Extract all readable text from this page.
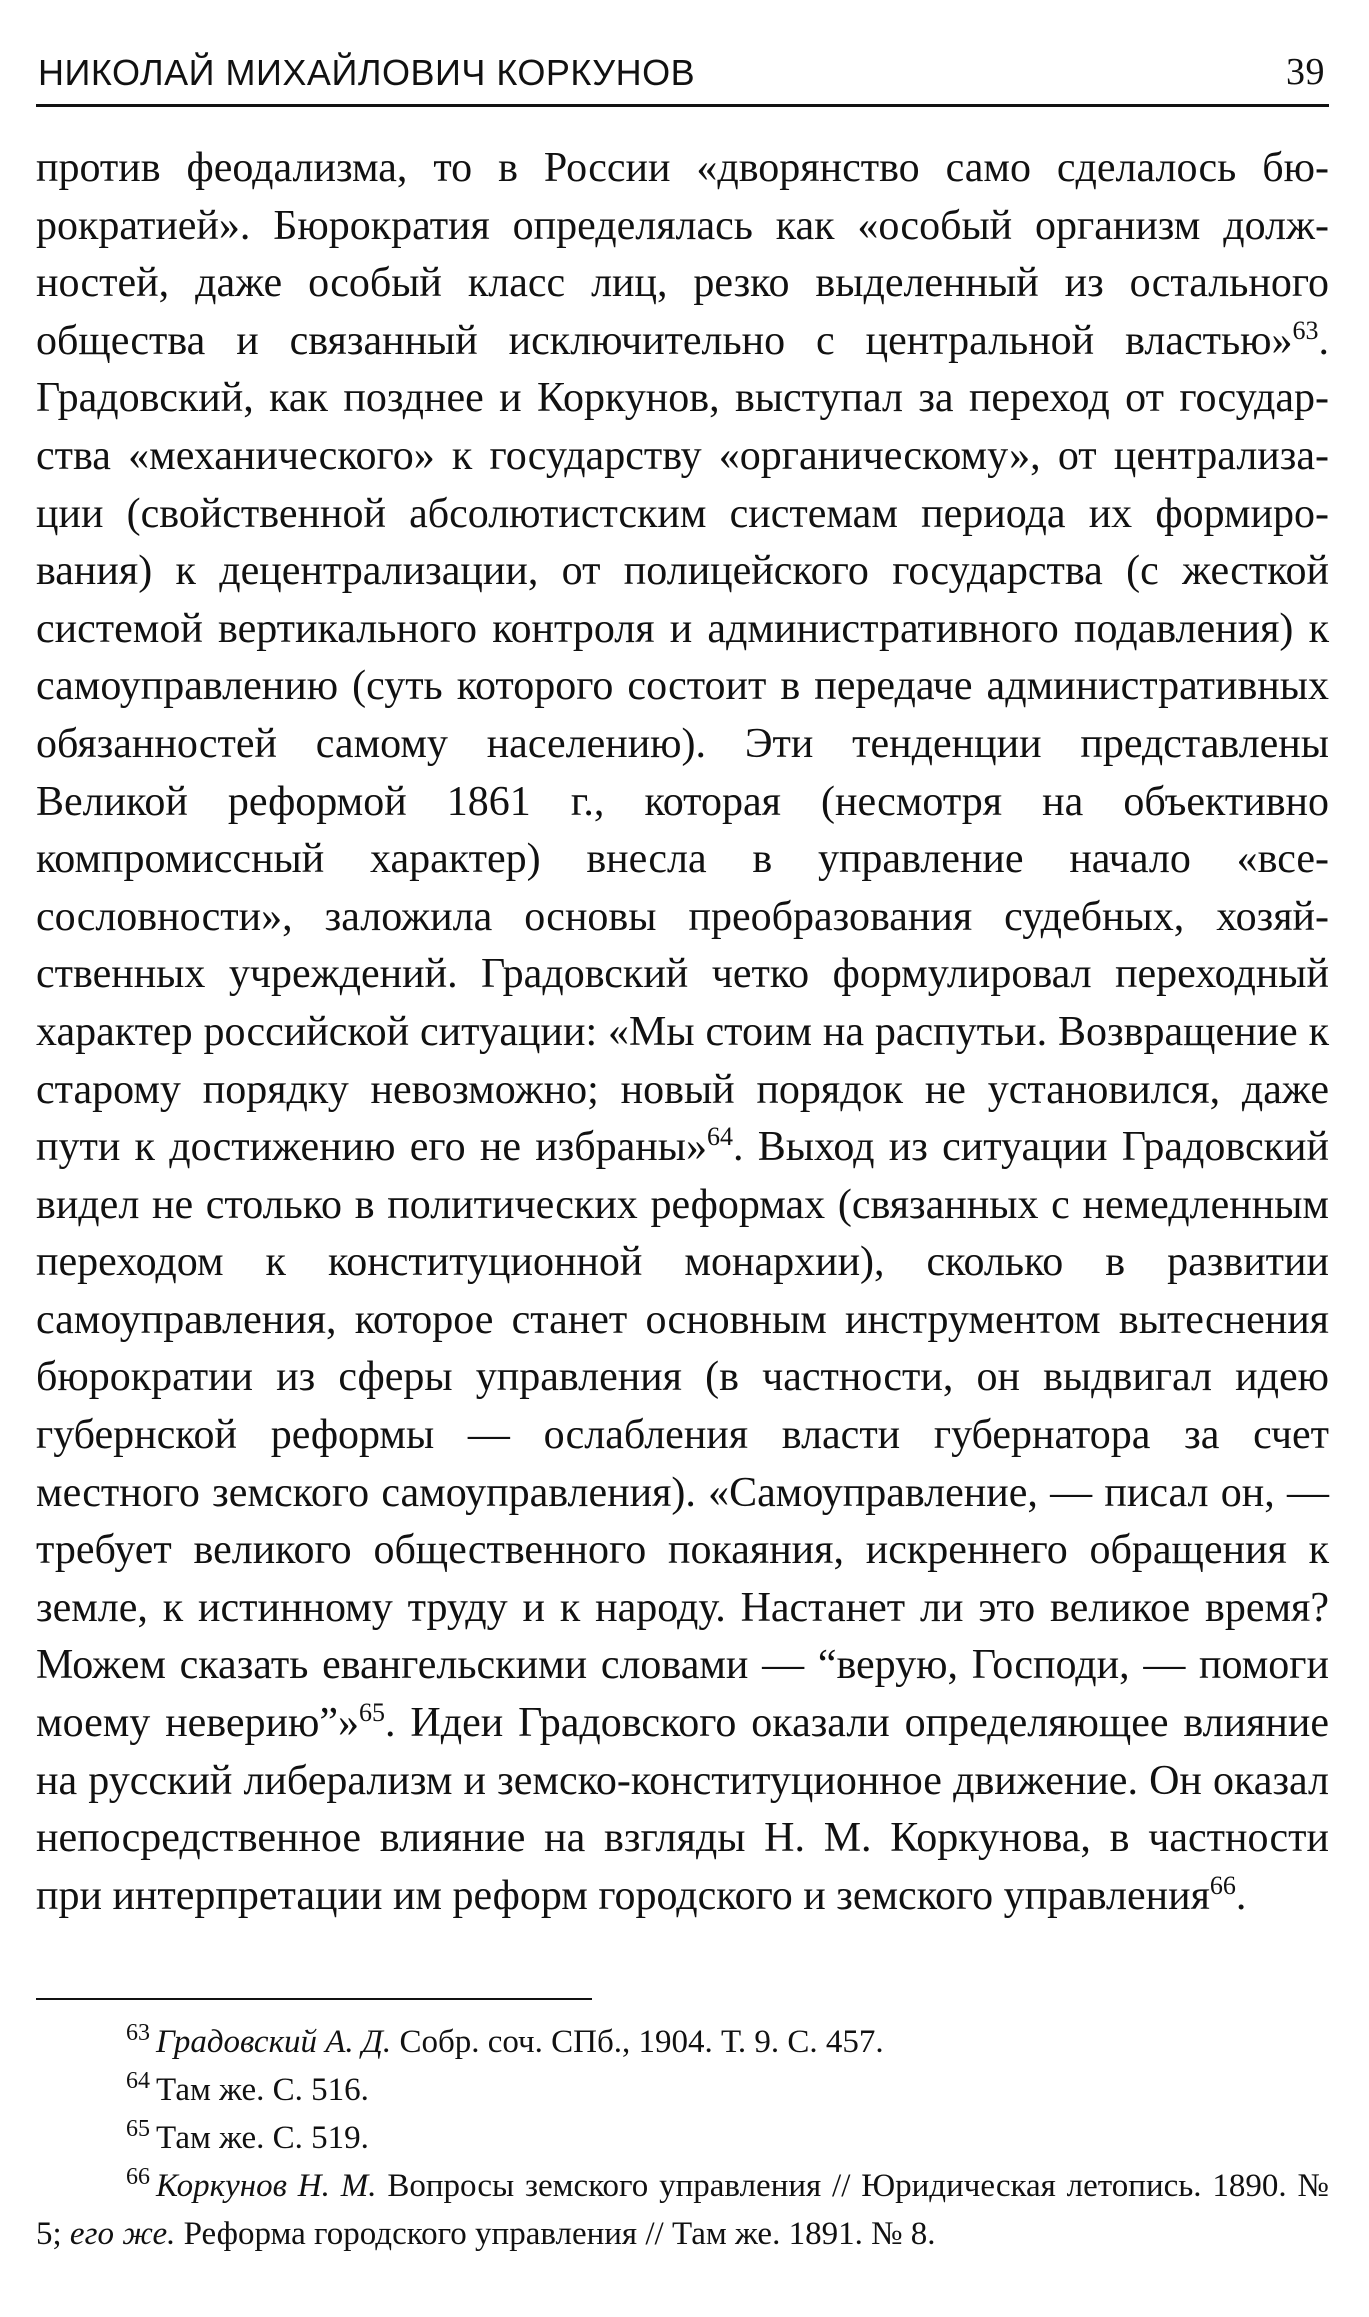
НИКОЛАЙ МИХАЙЛОВИЧ КОРКУНОВ	39

против феодализма, то в России «дворянство само сделалось бюрократией». Бюрократия определялась как «особый организм должностей, даже особый класс лиц, резко выделенный из остального общества и связанный исключительно с центральной властью»$^{63}$. Градовский, как позднее и Коркунов, выступал за переход от государства «механического» к государству «органическому», от централизации (свойственной абсолютистским системам периода их формирования) к децентрализации, от полицейского государства (с жесткой системой вертикального контроля и административного подавления) к самоуправлению (суть которого состоит в передаче административных обязанностей самому населению). Эти тенденции представлены Великой реформой 1861 г., которая (несмотря на объективно компромиссный характер) внесла в управление начало «всесословности», заложила основы преобразования судебных, хозяйственных учреждений. Градовский четко формулировал переходный характер российской ситуации: «Мы стоим на распутьи. Возвращение к старому порядку невозможно; новый порядок не установился, даже пути к достижению его не избраны»$^{64}$. Выход из ситуации Градовский видел не столько в политических реформах (связанных с немедленным переходом к конституционной монархии), сколько в развитии самоуправления, которое станет основным инструментом вытеснения бюрократии из сферы управления (в частности, он выдвигал идею губернской реформы — ослабления власти губернатора за счет местного земского самоуправления). «Самоуправление, — писал он, — требует великого общественного покаяния, искреннего обращения к земле, к истинному труду и к народу. Настанет ли это великое время? Можем сказать евангельскими словами — “верую, Господи, — помоги моему неверию”»$^{65}$. Идеи Градовского оказали определяющее влияние на русский либерализм и земско-конституционное движение. Он оказал непосредственное влияние на взгляды Н. М. Коркунова, в частности при интерпретации им реформ городского и земского управления$^{66}$.

$^{63}$ Градовский А. Д. Собр. соч. СПб., 1904. Т. 9. С. 457.

$^{64}$ Там же. С. 516.

$^{65}$ Там же. С. 519.

$^{66}$ Коркунов Н. М. Вопросы земского управления // Юридическая летопись. 1890. № 5; его же. Реформа городского управления // Там же. 1891. № 8.
